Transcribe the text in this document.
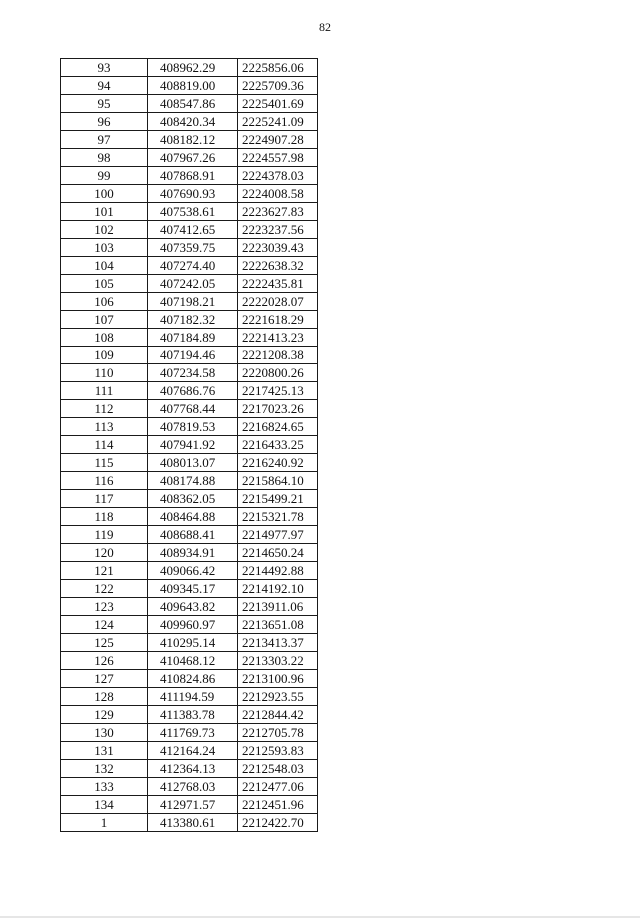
82
93	408962.29	2225856.06
94	408819.00	2225709.36
95	408547.86	2225401.69
96	408420.34	2225241.09
97	408182.12	2224907.28
98	407967.26	2224557.98
99	407868.91	2224378.03
100	407690.93	2224008.58
101	407538.61	2223627.83
102	407412.65	2223237.56
103	407359.75	2223039.43
104	407274.40	2222638.32
105	407242.05	2222435.81
106	407198.21	2222028.07
107	407182.32	2221618.29
108	407184.89	2221413.23
109	407194.46	2221208.38
110	407234.58	2220800.26
111	407686.76	2217425.13
112	407768.44	2217023.26
113	407819.53	2216824.65
114	407941.92	2216433.25
115	408013.07	2216240.92
116	408174.88	2215864.10
117	408362.05	2215499.21
118	408464.88	2215321.78
119	408688.41	2214977.97
120	408934.91	2214650.24
121	409066.42	2214492.88
122	409345.17	2214192.10
123	409643.82	2213911.06
124	409960.97	2213651.08
125	410295.14	2213413.37
126	410468.12	2213303.22
127	410824.86	2213100.96
128	411194.59	2212923.55
129	411383.78	2212844.42
130	411769.73	2212705.78
131	412164.24	2212593.83
132	412364.13	2212548.03
133	412768.03	2212477.06
134	412971.57	2212451.96
1	413380.61	2212422.70
